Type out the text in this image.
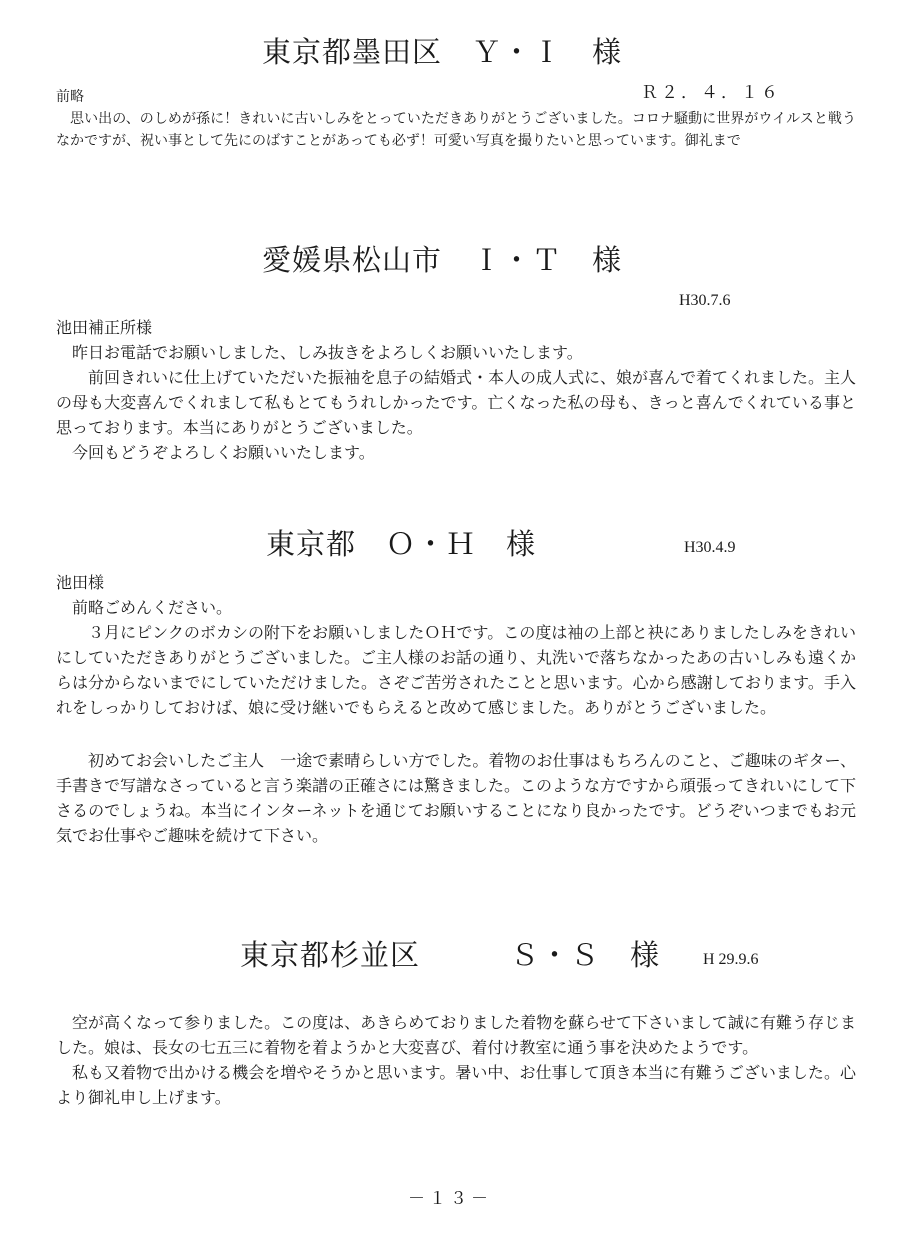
東京都墨田区　Ｙ・Ｉ　様
Ｒ２．４．１６

前略

思い出の、のしめが孫に！きれいに古いしみをとっていただきありがとうございました。コロナ騒動に世界がウイルスと戦うなかですが、祝い事として先にのばすことがあっても必ず！可愛い写真を撮りたいと思っています。御礼まで

愛媛県松山市　Ｉ・Ｔ　様
H30.7.6

池田補正所様

昨日お電話でお願いしました、しみ抜きをよろしくお願いいたします。

前回きれいに仕上げていただいた振袖を息子の結婚式・本人の成人式に、娘が喜んで着てくれました。主人の母も大変喜んでくれまして私もとてもうれしかったです。亡くなった私の母も、きっと喜んでくれている事と思っております。本当にありがとうございました。

今回もどうぞよろしくお願いいたします。

東京都　Ｏ・Ｈ　様	H30.4.9

池田様

前略ごめんください。

３月にピンクのボカシの附下をお願いしましたＯＨです。この度は袖の上部と袂にありましたしみをきれいにしていただきありがとうございました。ご主人様のお話の通り、丸洗いで落ちなかったあの古いしみも遠くからは分からないまでにしていただけました。さぞご苦労されたことと思います。心から感謝しております。手入れをしっかりしておけば、娘に受け継いでもらえると改めて感じました。ありがとうございました。

初めてお会いしたご主人　一途で素晴らしい方でした。着物のお仕事はもちろんのこと、ご趣味のギター、手書きで写譜なさっていると言う楽譜の正確さには驚きました。このような方ですから頑張ってきれいにして下さるのでしょうね。本当にインターネットを通じてお願いすることになり良かったです。どうぞいつまでもお元気でお仕事やご趣味を続けて下さい。

東京都杉並区　　　Ｓ・Ｓ　様	H 29.9.6

空が高くなって参りました。この度は、あきらめておりました着物を蘇らせて下さいまして誠に有難う存じました。娘は、長女の七五三に着物を着ようかと大変喜び、着付け教室に通う事を決めたようです。

私も又着物で出かける機会を増やそうかと思います。暑い中、お仕事して頂き本当に有難うございました。心より御礼申し上げます。

－１３－
